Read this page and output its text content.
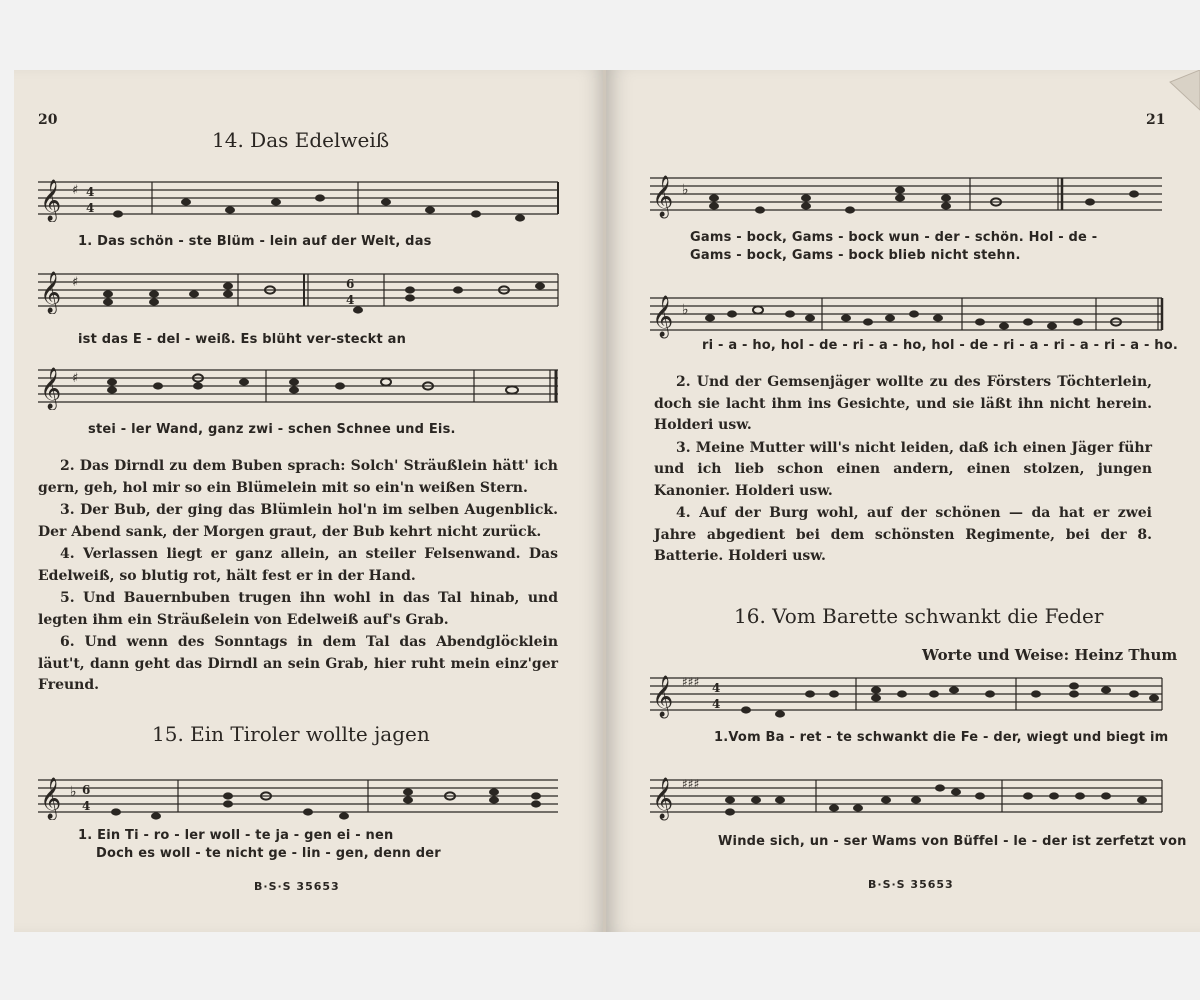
20
14. Das Edelweiß
𝄞 ♯ 4
4
1. Das schön - ste Blüm - lein auf der Welt, das
𝄞 ♯	6
4
ist das E - del - weiß. Es blüht ver-steckt an
𝄞 ♯
stei - ler Wand, ganz zwi - schen Schnee und Eis.

2. Das Dirndl zu dem Buben sprach: Solch' Sträußlein hätt' ich gern, geh, hol mir so ein Blümelein mit so ein'n weißen Stern.

3. Der Bub, der ging das Blümlein hol'n im selben Augenblick. Der Abend sank, der Morgen graut, der Bub kehrt nicht zurück.

4. Verlassen liegt er ganz allein, an steiler Felsenwand. Das Edelweiß, so blutig rot, hält fest er in der Hand.

5. Und Bauernbuben trugen ihn wohl in das Tal hinab, und legten ihm ein Sträußelein von Edelweiß auf's Grab.

6. Und wenn des Sonntags in dem Tal das Abendglöcklein läut't, dann geht das Dirndl an sein Grab, hier ruht mein einz'ger Freund.

15. Ein Tiroler wollte jagen
𝄞 ♭ 6
4
1. Ein Ti - ro - ler woll - te ja - gen ei - nen
Doch es woll - te nicht ge - lin - gen, denn der
B·S·S 35653
21
𝄞 ♭
Gams - bock, Gams - bock wun - der - schön. Hol - de -
Gams - bock, Gams - bock blieb nicht stehn.
𝄞 ♭
ri - a - ho, hol - de - ri - a - ho, hol - de - ri - a - ri - a - ri - a - ho.

2. Und der Gemsenjäger wollte zu des Försters Töchterlein, doch sie lacht ihm ins Gesichte, und sie läßt ihn nicht herein. Holderi usw.

3. Meine Mutter will's nicht leiden, daß ich einen Jäger führ und ich lieb schon einen andern, einen stolzen, jungen Kanonier. Holderi usw.

4. Auf der Burg wohl, auf der schönen — da hat er zwei Jahre abgedient bei dem schönsten Regimente, bei der 8. Batterie. Holderi usw.

16. Vom Barette schwankt die Feder
Worte und Weise: Heinz Thum
𝄞 ♯♯♯ 4
4
1.Vom Ba - ret - te schwankt die Fe - der, wiegt und biegt im
𝄞 ♯♯♯
Winde sich, un - ser Wams von Büffel - le - der ist zerfetzt von
B·S·S 35653
